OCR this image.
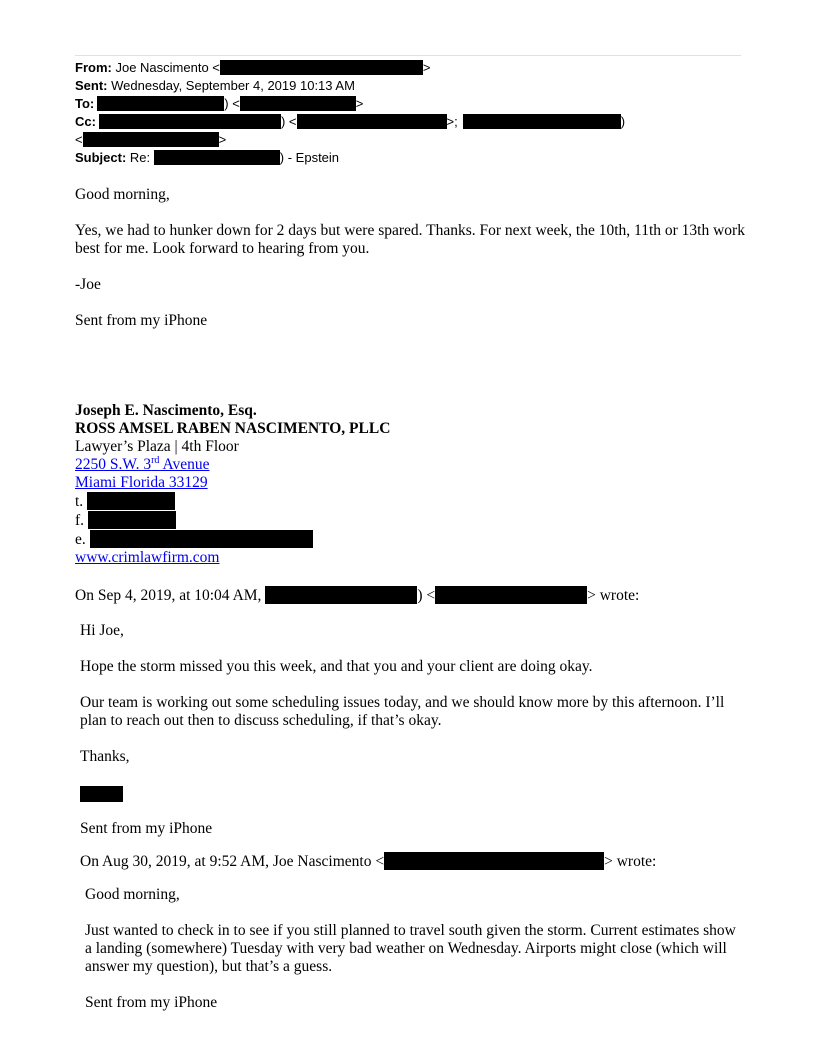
From: Joe Nascimento <	>
Sent: Wednesday, September 4, 2019 10:13 AM
To:	) <	>
Cc:	) <	>;	)
<	>
Subject: Re:	) - Epstein

Good morning,

Yes, we had to hunker down for 2 days but were spared. Thanks. For next week, the 10th, 11th or 13th work best for me. Look forward to hearing from you.

-Joe

Sent from my iPhone

Joseph E. Nascimento, Esq.

ROSS AMSEL RABEN NASCIMENTO, PLLC

Lawyer’s Plaza | 4th Floor

2250 S.W. 3rd Avenue

Miami Florida 33129

t.

f.

e.

www.crimlawfirm.com

On Sep 4, 2019, at 10:04 AM,	) <	> wrote:

Hi Joe,

Hope the storm missed you this week, and that you and your client are doing okay.

Our team is working out some scheduling issues today, and we should know more by this afternoon. I’ll plan to reach out then to discuss scheduling, if that’s okay.

Thanks,

Sent from my iPhone

On Aug 30, 2019, at 9:52 AM, Joe Nascimento <	> wrote:

Good morning,

Just wanted to check in to see if you still planned to travel south given the storm. Current estimates show a landing (somewhere) Tuesday with very bad weather on Wednesday. Airports might close (which will answer my question), but that’s a guess.

Sent from my iPhone
